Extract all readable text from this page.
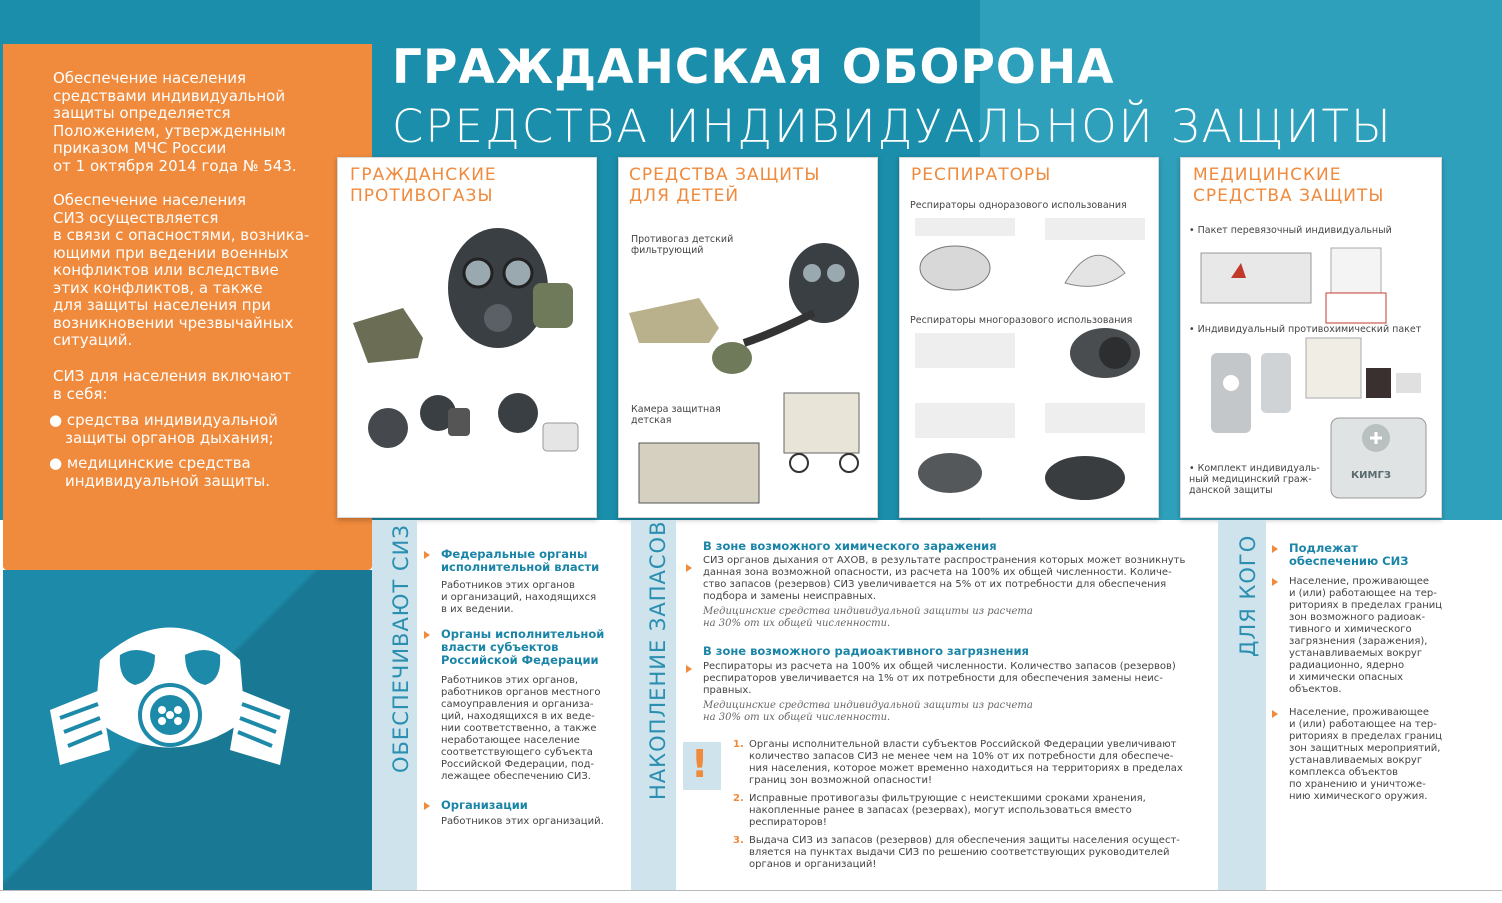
ГРАЖДАНСКАЯ ОБОРОНА
СРЕДСТВА ИНДИВИДУАЛЬНОЙ ЗАЩИТЫ
Обеспечение населения
средствами индивидуальной
защиты определяется
Положением, утвержденным
приказом МЧС России
от 1 октября 2014 года № 543.
Обеспечение населения
СИЗ осуществляется
в связи с опасностями, возника-
ющими при ведении военных
конфликтов или вследствие
этих конфликтов, а также
для защиты населения при
возникновении чрезвычайных
ситуаций.
СИЗ для населения включают
в себя:
● средства индивидуальной
защиты органов дыхания;
● медицинские средства
индивидуальной защиты.
ГРАЖДАНСКИЕ
ПРОТИВОГАЗЫ
СРЕДСТВА ЗАЩИТЫ
ДЛЯ ДЕТЕЙ
Противогаз детский
фильтрующий
Камера защитная
детская
РЕСПИРАТОРЫ
Респираторы одноразового использования
Респираторы многоразового использования
МЕДИЦИНСКИЕ
СРЕДСТВА ЗАЩИТЫ
• Пакет перевязочный индивидуальный
• Индивидуальный противохимический пакет
• Комплект индивидуаль-
ный медицинский граж-
данской защиты
КИМГЗ
ОБЕСПЕЧИВАЮТ СИЗ	НАКОПЛЕНИЕ ЗАПАСОВ	ДЛЯ КОГО
Федеральные органы
исполнительной власти
Работников этих органов
и организаций, находящихся
в их ведении.
Органы исполнительной
власти субъектов
Российской Федерации
Работников этих органов,
работников органов местного
самоуправления и организа-
ций, находящихся в их веде-
нии соответственно, а также
неработающее население
соответствующего субъекта
Российской Федерации, под-
лежащее обеспечению СИЗ.
Организации
Работников этих организаций.
В зоне возможного химического заражения
СИЗ органов дыхания от АХОВ, в результате распространения которых может возникнуть
данная зона возможной опасности, из расчета на 100% их общей численности. Количе-
ство запасов (резервов) СИЗ увеличивается на 5% от их потребности для обеспечения
подбора и замены неисправных.
Медицинские средства индивидуальной защиты из расчета
на 30% от их общей численности.
В зоне возможного радиоактивного загрязнения
Респираторы из расчета на 100% их общей численности. Количество запасов (резервов)
респираторов увеличивается на 1% от их потребности для обеспечения замены неис-
правных.
Медицинские средства индивидуальной защиты из расчета
на 30% от их общей численности.
! 1. Органы исполнительной власти субъектов Российской Федерации увеличивают
количество запасов СИЗ не менее чем на 10% от их потребности для обеспече-
ния населения, которое может временно находиться на территориях в пределах
границ зон возможной опасности!
2. Исправные противогазы фильтрующие с неистекшими сроками хранения,
накопленные ранее в запасах (резервах), могут использоваться вместо
респираторов!
3. Выдача СИЗ из запасов (резервов) для обеспечения защиты населения осущест-
вляется на пунктах выдачи СИЗ по решению соответствующих руководителей
органов и организаций!
Подлежат
обеспечению СИЗ
Население, проживающее
и (или) работающее на тер-
риториях в пределах границ
зон возможного радиоак-
тивного и химического
загрязнения (заражения),
устанавливаемых вокруг
радиационно, ядерно
и химически опасных
объектов.
Население, проживающее
и (или) работающее на тер-
риториях в пределах границ
зон защитных мероприятий,
устанавливаемых вокруг
комплекса объектов
по хранению и уничтоже-
нию химического оружия.
